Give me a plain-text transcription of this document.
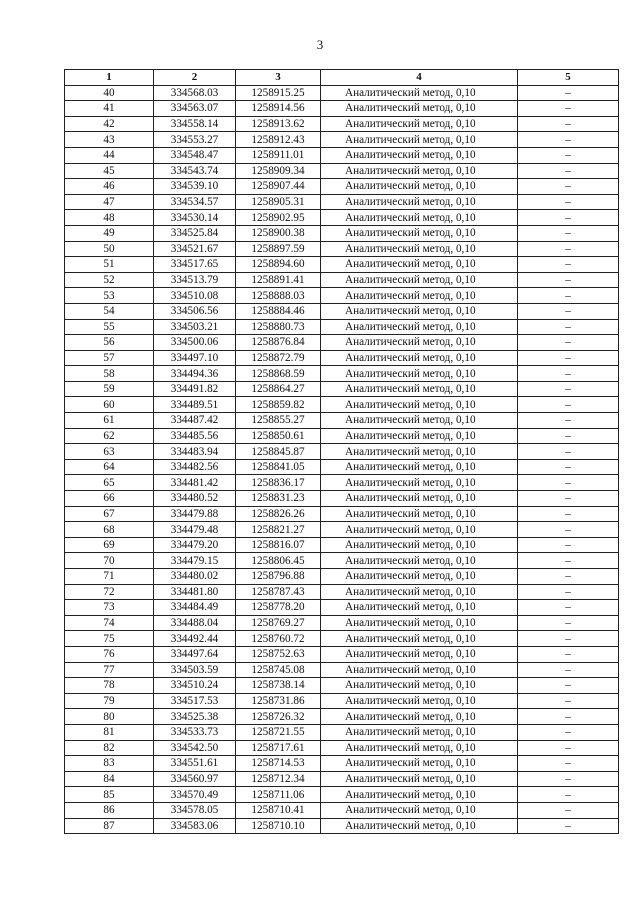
3
1	2	3	4	5
40	334568.03	1258915.25	Аналитический метод, 0,10	–
41	334563.07	1258914.56	Аналитический метод, 0,10	–
42	334558.14	1258913.62	Аналитический метод, 0,10	–
43	334553.27	1258912.43	Аналитический метод, 0,10	–
44	334548.47	1258911.01	Аналитический метод, 0,10	–
45	334543.74	1258909.34	Аналитический метод, 0,10	–
46	334539.10	1258907.44	Аналитический метод, 0,10	–
47	334534.57	1258905.31	Аналитический метод, 0,10	–
48	334530.14	1258902.95	Аналитический метод, 0,10	–
49	334525.84	1258900.38	Аналитический метод, 0,10	–
50	334521.67	1258897.59	Аналитический метод, 0,10	–
51	334517.65	1258894.60	Аналитический метод, 0,10	–
52	334513.79	1258891.41	Аналитический метод, 0,10	–
53	334510.08	1258888.03	Аналитический метод, 0,10	–
54	334506.56	1258884.46	Аналитический метод, 0,10	–
55	334503.21	1258880.73	Аналитический метод, 0,10	–
56	334500.06	1258876.84	Аналитический метод, 0,10	–
57	334497.10	1258872.79	Аналитический метод, 0,10	–
58	334494.36	1258868.59	Аналитический метод, 0,10	–
59	334491.82	1258864.27	Аналитический метод, 0,10	–
60	334489.51	1258859.82	Аналитический метод, 0,10	–
61	334487.42	1258855.27	Аналитический метод, 0,10	–
62	334485.56	1258850.61	Аналитический метод, 0,10	–
63	334483.94	1258845.87	Аналитический метод, 0,10	–
64	334482.56	1258841.05	Аналитический метод, 0,10	–
65	334481.42	1258836.17	Аналитический метод, 0,10	–
66	334480.52	1258831.23	Аналитический метод, 0,10	–
67	334479.88	1258826.26	Аналитический метод, 0,10	–
68	334479.48	1258821.27	Аналитический метод, 0,10	–
69	334479.20	1258816.07	Аналитический метод, 0,10	–
70	334479.15	1258806.45	Аналитический метод, 0,10	–
71	334480.02	1258796.88	Аналитический метод, 0,10	–
72	334481.80	1258787.43	Аналитический метод, 0,10	–
73	334484.49	1258778.20	Аналитический метод, 0,10	–
74	334488.04	1258769.27	Аналитический метод, 0,10	–
75	334492.44	1258760.72	Аналитический метод, 0,10	–
76	334497.64	1258752.63	Аналитический метод, 0,10	–
77	334503.59	1258745.08	Аналитический метод, 0,10	–
78	334510.24	1258738.14	Аналитический метод, 0,10	–
79	334517.53	1258731.86	Аналитический метод, 0,10	–
80	334525.38	1258726.32	Аналитический метод, 0,10	–
81	334533.73	1258721.55	Аналитический метод, 0,10	–
82	334542.50	1258717.61	Аналитический метод, 0,10	–
83	334551.61	1258714.53	Аналитический метод, 0,10	–
84	334560.97	1258712.34	Аналитический метод, 0,10	–
85	334570.49	1258711.06	Аналитический метод, 0,10	–
86	334578.05	1258710.41	Аналитический метод, 0,10	–
87	334583.06	1258710.10	Аналитический метод, 0,10	–
